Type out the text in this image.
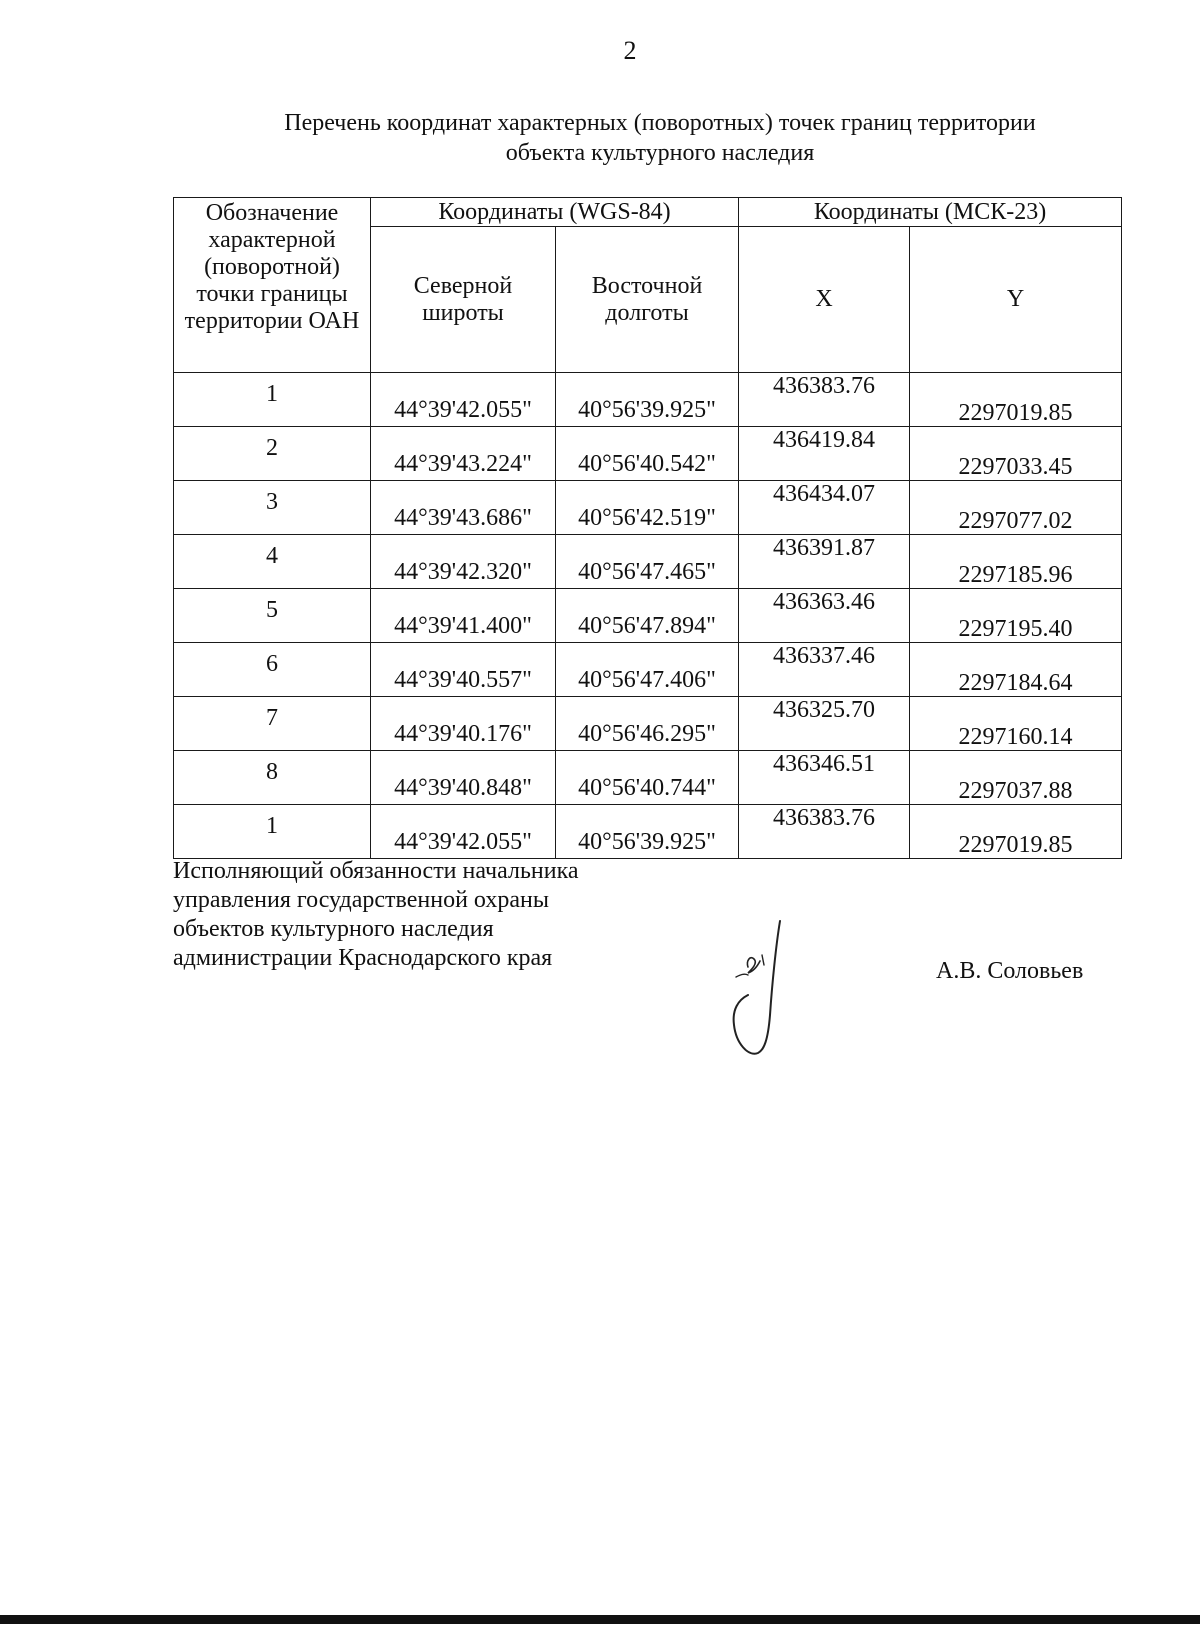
2
Перечень координат характерных (поворотных) точек границ территории
объекта культурного наследия
Обозначение характерной (поворотной) точки границы территории ОАН	Координаты (WGS-84)		Координаты (МСК-23)	
	Северной широты	Восточной долготы	X	Y
1	44°39'42.055"	40°56'39.925"	436383.76	2297019.85
2	44°39'43.224"	40°56'40.542"	436419.84	2297033.45
3	44°39'43.686"	40°56'42.519"	436434.07	2297077.02
4	44°39'42.320"	40°56'47.465"	436391.87	2297185.96
5	44°39'41.400"	40°56'47.894"	436363.46	2297195.40
6	44°39'40.557"	40°56'47.406"	436337.46	2297184.64
7	44°39'40.176"	40°56'46.295"	436325.70	2297160.14
8	44°39'40.848"	40°56'40.744"	436346.51	2297037.88
1	44°39'42.055"	40°56'39.925"	436383.76	2297019.85
Исполняющий обязанности начальника
управления государственной охраны
объектов культурного наследия
администрации Краснодарского края	А.В. Соловьев
